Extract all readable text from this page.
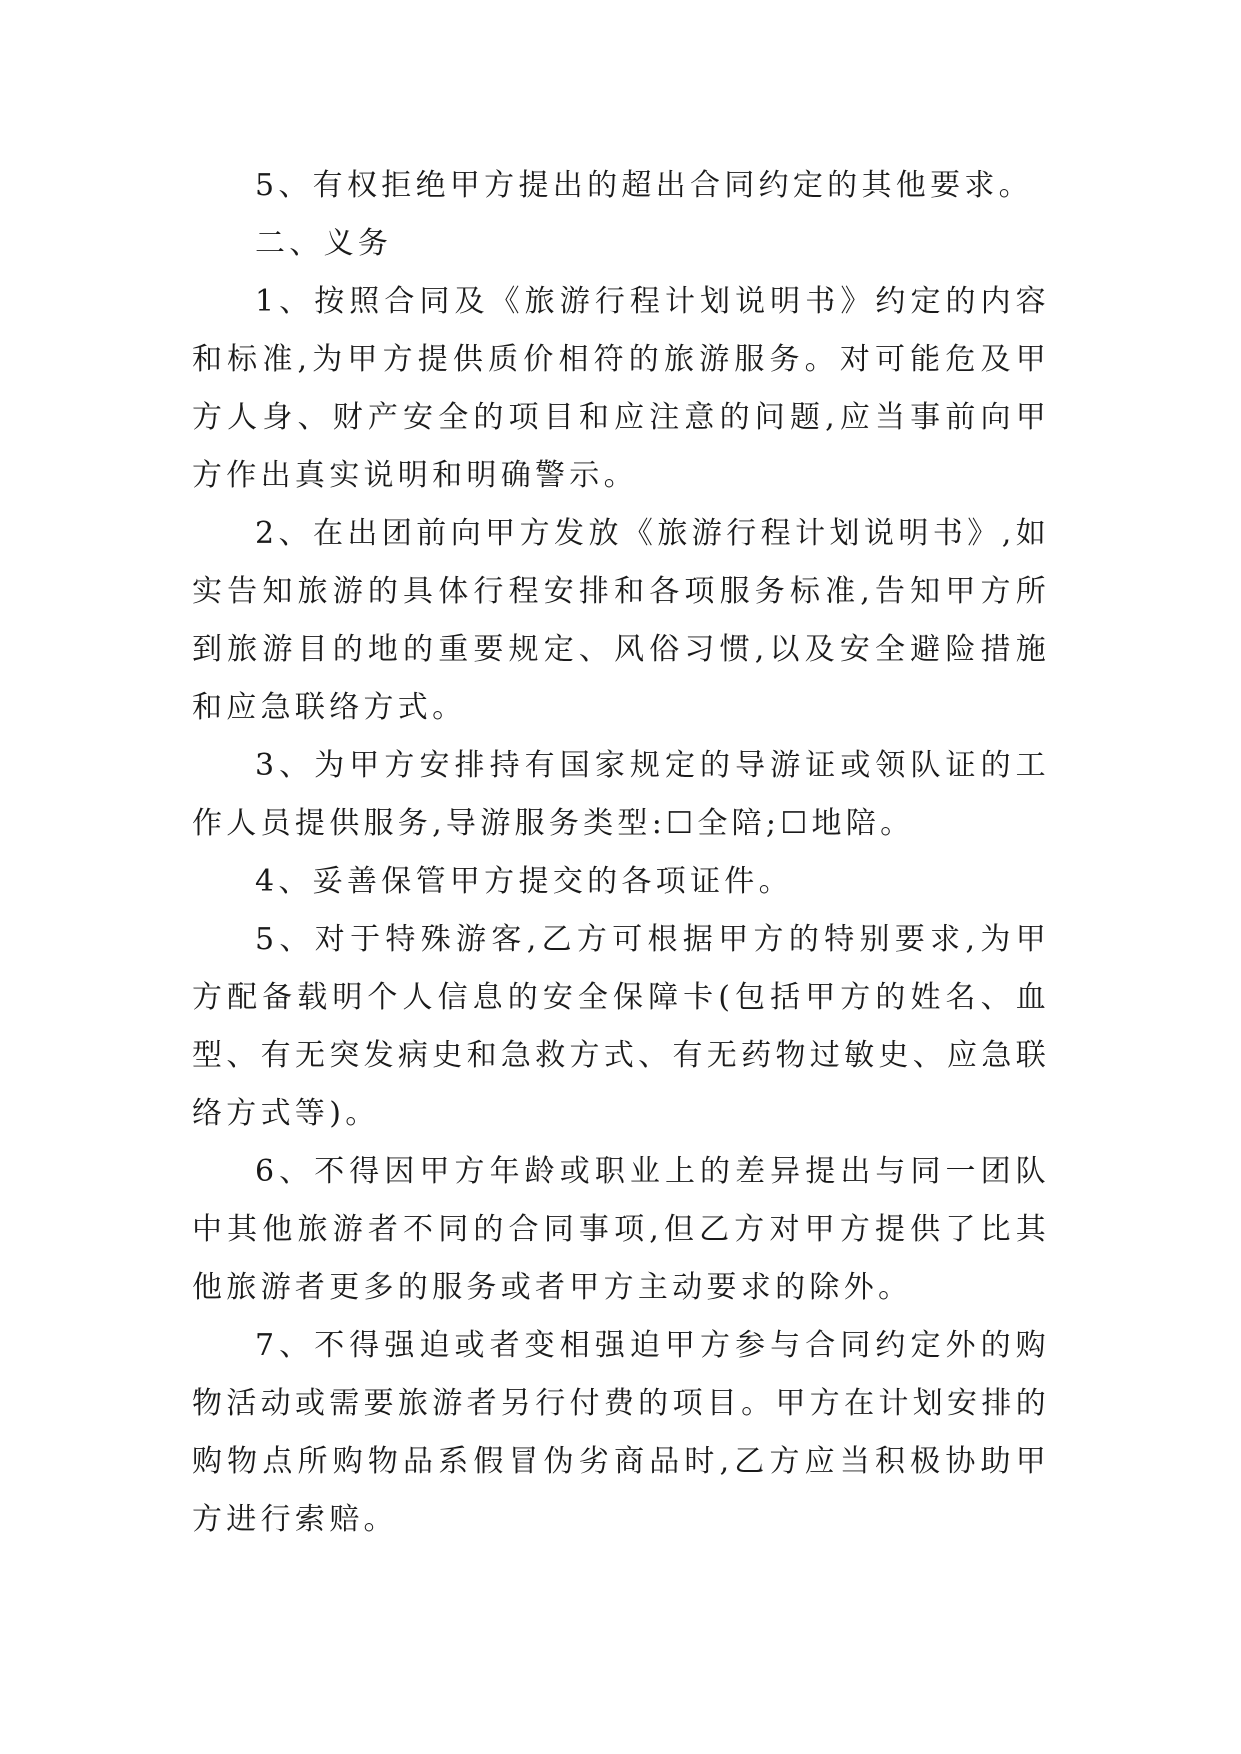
5、有权拒绝甲方提出的超出合同约定的其他要求。

二、义务

1、按照合同及《旅游行程计划说明书》约定的内容和标准,为甲方提供质价相符的旅游服务。对可能危及甲方人身、财产安全的项目和应注意的问题,应当事前向甲方作出真实说明和明确警示。

2、在出团前向甲方发放《旅游行程计划说明书》,如实告知旅游的具体行程安排和各项服务标准,告知甲方所到旅游目的地的重要规定、风俗习惯,以及安全避险措施和应急联络方式。

3、为甲方安排持有国家规定的导游证或领队证的工作人员提供服务,导游服务类型:☐全陪;☐地陪。

4、妥善保管甲方提交的各项证件。

5、对于特殊游客,乙方可根据甲方的特别要求,为甲方配备载明个人信息的安全保障卡(包括甲方的姓名、血型、有无突发病史和急救方式、有无药物过敏史、应急联络方式等)。

6、不得因甲方年龄或职业上的差异提出与同一团队中其他旅游者不同的合同事项,但乙方对甲方提供了比其他旅游者更多的服务或者甲方主动要求的除外。

7、不得强迫或者变相强迫甲方参与合同约定外的购物活动或需要旅游者另行付费的项目。甲方在计划安排的购物点所购物品系假冒伪劣商品时,乙方应当积极协助甲方进行索赔。
